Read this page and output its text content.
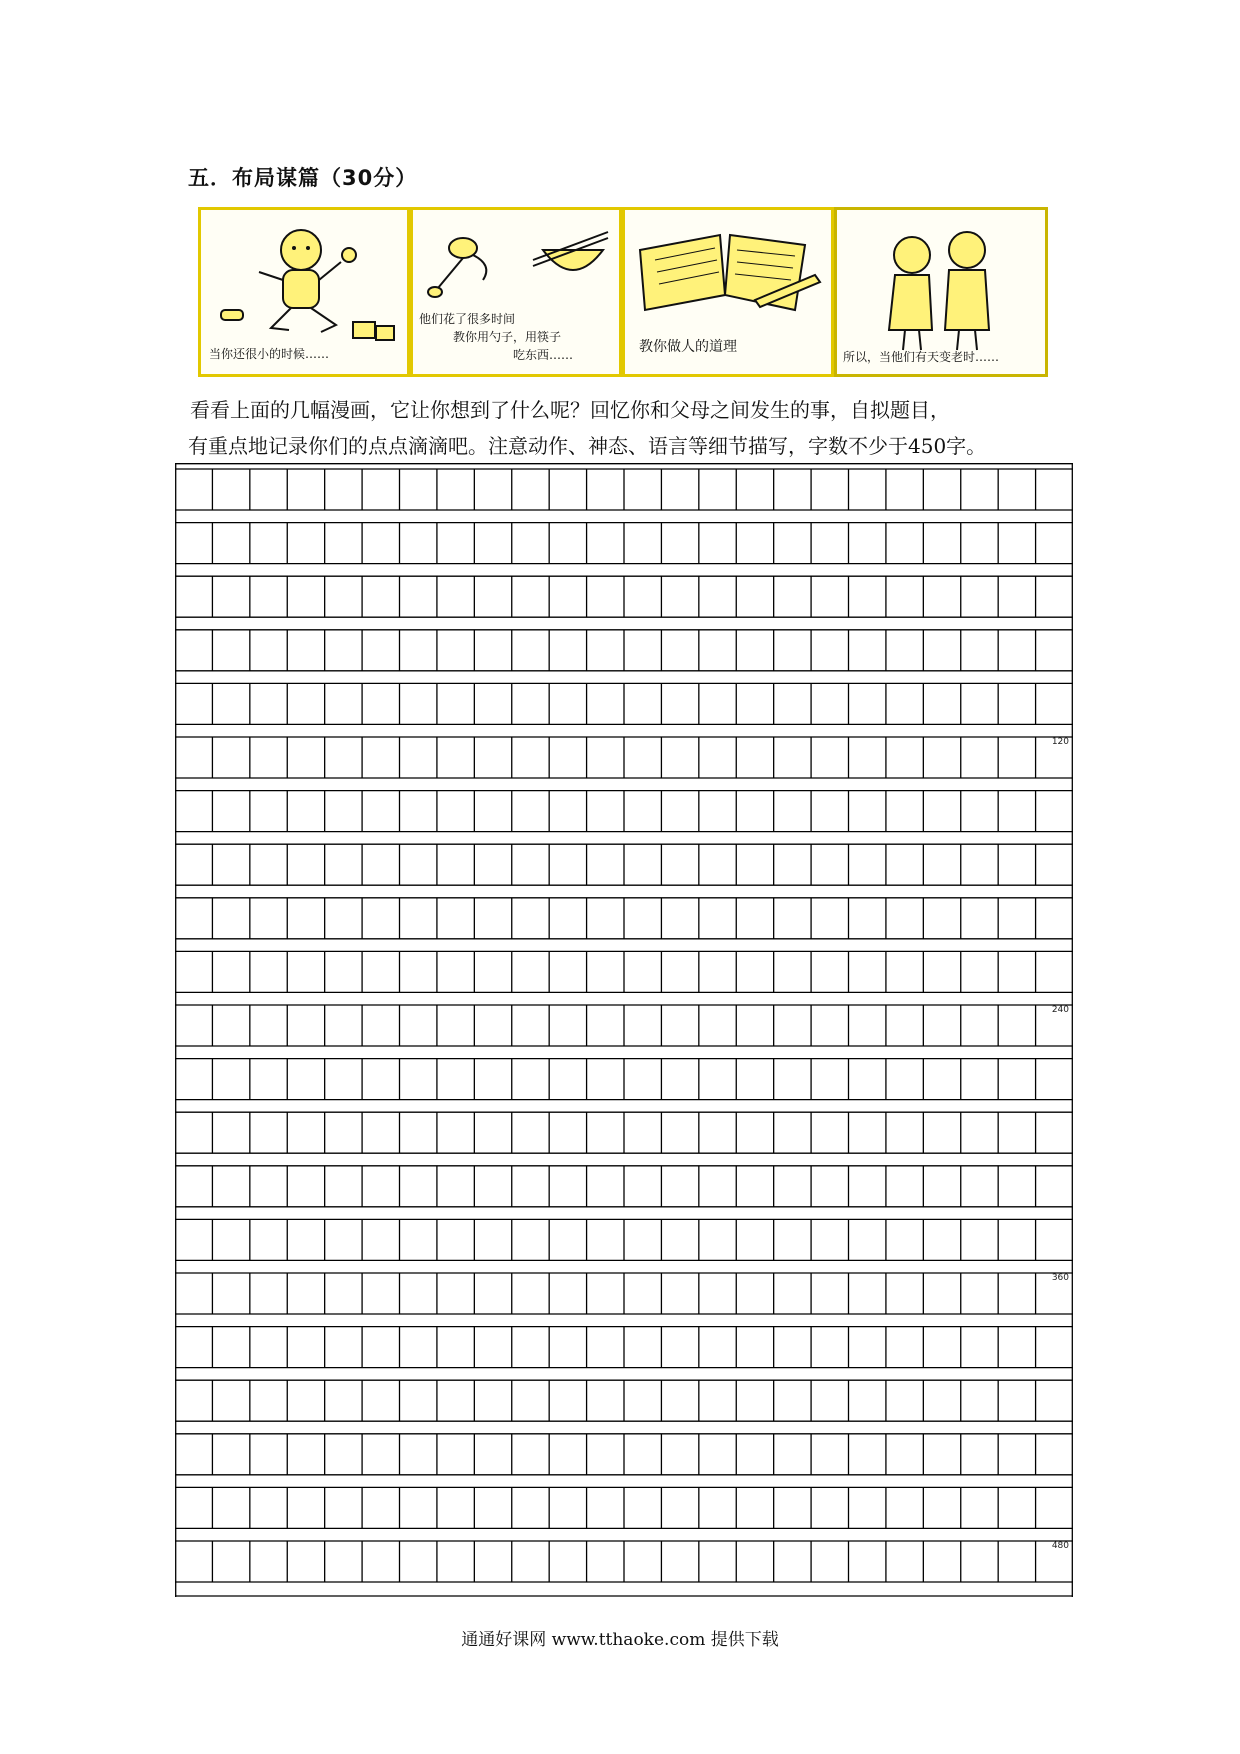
五．布局谋篇（30分）
当你还很小的时候……
他们花了很多时间
教你用勺子，用筷子
吃东西……	教你做人的道理
所以，当他们有天变老时……
看看上面的几幅漫画，它让你想到了什么呢？回忆你和父母之间发生的事，自拟题目，
有重点地记录你们的点点滴滴吧。注意动作、神态、语言等细节描写，字数不少于450字。
120
240
360
480
通通好课网 www.tthaoke.com 提供下载
